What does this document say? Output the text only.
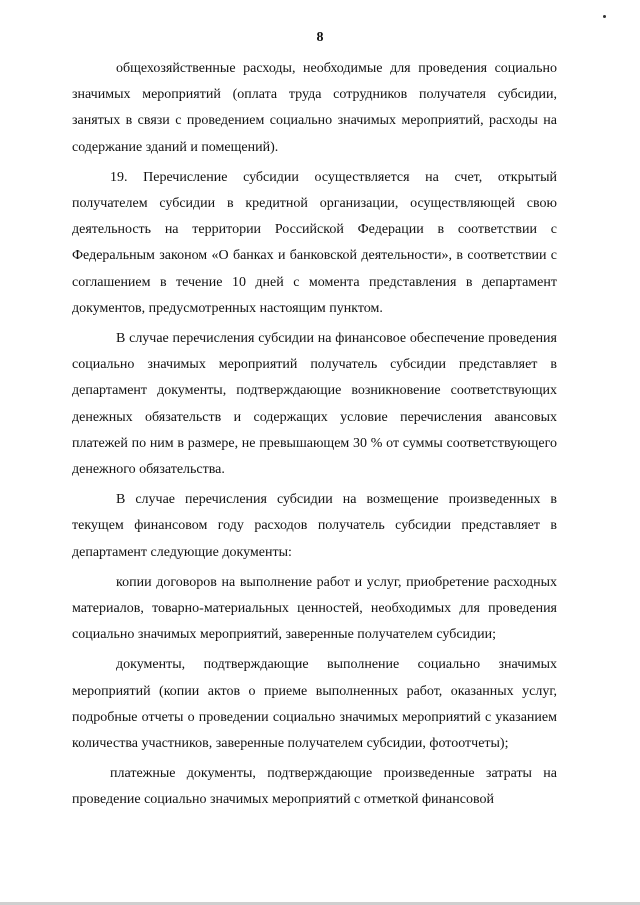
8

общехозяйственные расходы, необходимые для проведения социально значимых мероприятий (оплата труда сотрудников получателя субсидии, занятых в связи с проведением социально значимых мероприятий, расходы на содержание зданий и помещений).

19. Перечисление субсидии осуществляется на счет, открытый получателем субсидии в кредитной организации, осуществляющей свою деятельность на территории Российской Федерации в соответствии с Федеральным законом «О банках и банковской деятельности», в соответствии с соглашением в течение 10 дней с момента представления в департамент документов, предусмотренных настоящим пунктом.

В случае перечисления субсидии на финансовое обеспечение проведения социально значимых мероприятий получатель субсидии представляет в департамент документы, подтверждающие возникновение соответствующих денежных обязательств и содержащих условие перечисления авансовых платежей по ним в размере, не превышающем 30 % от суммы соответствующего денежного обязательства.

В случае перечисления субсидии на возмещение произведенных в текущем финансовом году расходов получатель субсидии представляет в департамент следующие документы:

копии договоров на выполнение работ и услуг, приобретение расходных материалов, товарно-материальных ценностей, необходимых для проведения социально значимых мероприятий, заверенные получателем субсидии;

документы, подтверждающие выполнение социально значимых мероприятий (копии актов о приеме выполненных работ, оказанных услуг, подробные отчеты о проведении социально значимых мероприятий с указанием количества участников, заверенные получателем субсидии, фотоотчеты);

платежные документы, подтверждающие произведенные затраты на проведение социально значимых мероприятий с отметкой финансовой
